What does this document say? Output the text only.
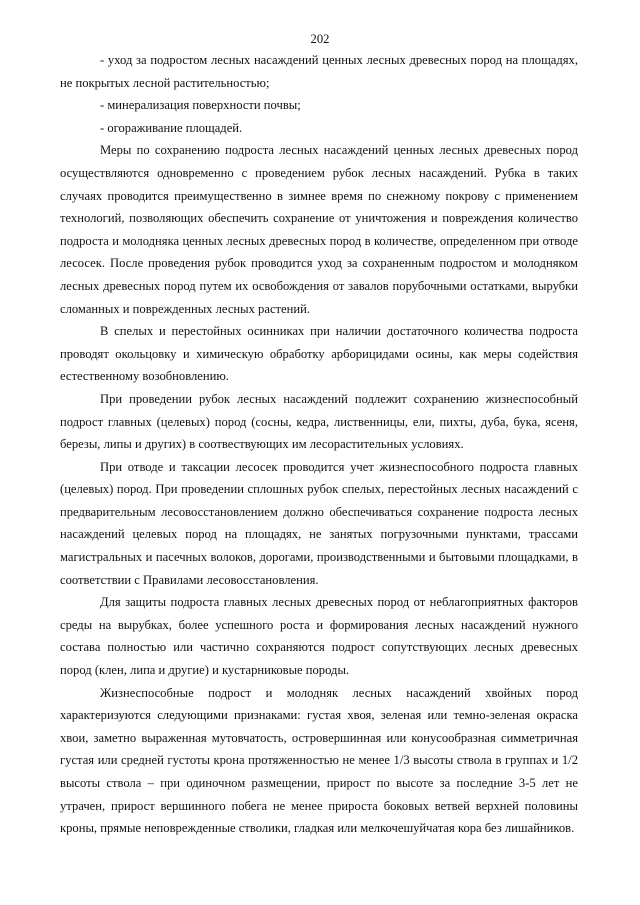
202

- уход за подростом лесных насаждений ценных лесных древесных пород на площадях, не покрытых лесной растительностью;

- минерализация поверхности почвы;

- огораживание площадей.

Меры по сохранению подроста лесных насаждений ценных лесных древесных пород осуществляются одновременно с проведением рубок лесных насаждений. Рубка в таких случаях проводится преимущественно в зимнее время по снежному покрову с применением технологий, позволяющих обеспечить сохранение от уничтожения и повреждения количество подроста и молодняка ценных лесных древесных пород в количестве, определенном при отводе лесосек. После проведения рубок проводится уход за сохраненным подростом и молодняком лесных древесных пород путем их освобождения от завалов порубочными остатками, вырубки сломанных и поврежденных лесных растений.

В спелых и перестойных осинниках при наличии достаточного количества подроста проводят окольцовку и химическую обработку арборицидами осины, как меры содействия естественному возобновлению.

При проведении рубок лесных насаждений подлежит сохранению жизнеспособный подрост главных (целевых) пород (сосны, кедра, лиственницы, ели, пихты, дуба, бука, ясеня, березы, липы и других) в соотвествующих им лесорастительных условиях.

При отводе и таксации лесосек проводится учет жизнеспособного подроста главных (целевых) пород. При проведении сплошных рубок спелых, перестойных лесных насаждений с предварительным лесовосстановлением должно обеспечиваться сохранение подроста лесных насаждений целевых пород на площадях, не занятых погрузочными пунктами, трассами магистральных и пасечных волоков, дорогами, производственными и бытовыми площадками, в соответствии с Правилами лесовосстановления.

Для защиты подроста главных лесных древесных пород от неблагоприятных факторов среды на вырубках, более успешного роста и формирования лесных насаждений нужного состава полностью или частично сохраняются подрост сопутствующих лесных древесных пород (клен, липа и другие) и кустарниковые породы.

Жизнеспособные подрост и молодняк лесных насаждений хвойных пород характеризуются следующими признаками: густая хвоя, зеленая или темно-зеленая окраска хвои, заметно выраженная мутовчатость, островершинная или конусообразная симметричная густая или средней густоты крона протяженностью не менее 1/3 высоты ствола в группах и 1/2 высоты ствола – при одиночном размещении, прирост по высоте за последние 3-5 лет не утрачен, прирост вершинного побега не менее прироста боковых ветвей верхней половины кроны, прямые неповрежденные стволики, гладкая или мелкочешуйчатая кора без лишайников.
